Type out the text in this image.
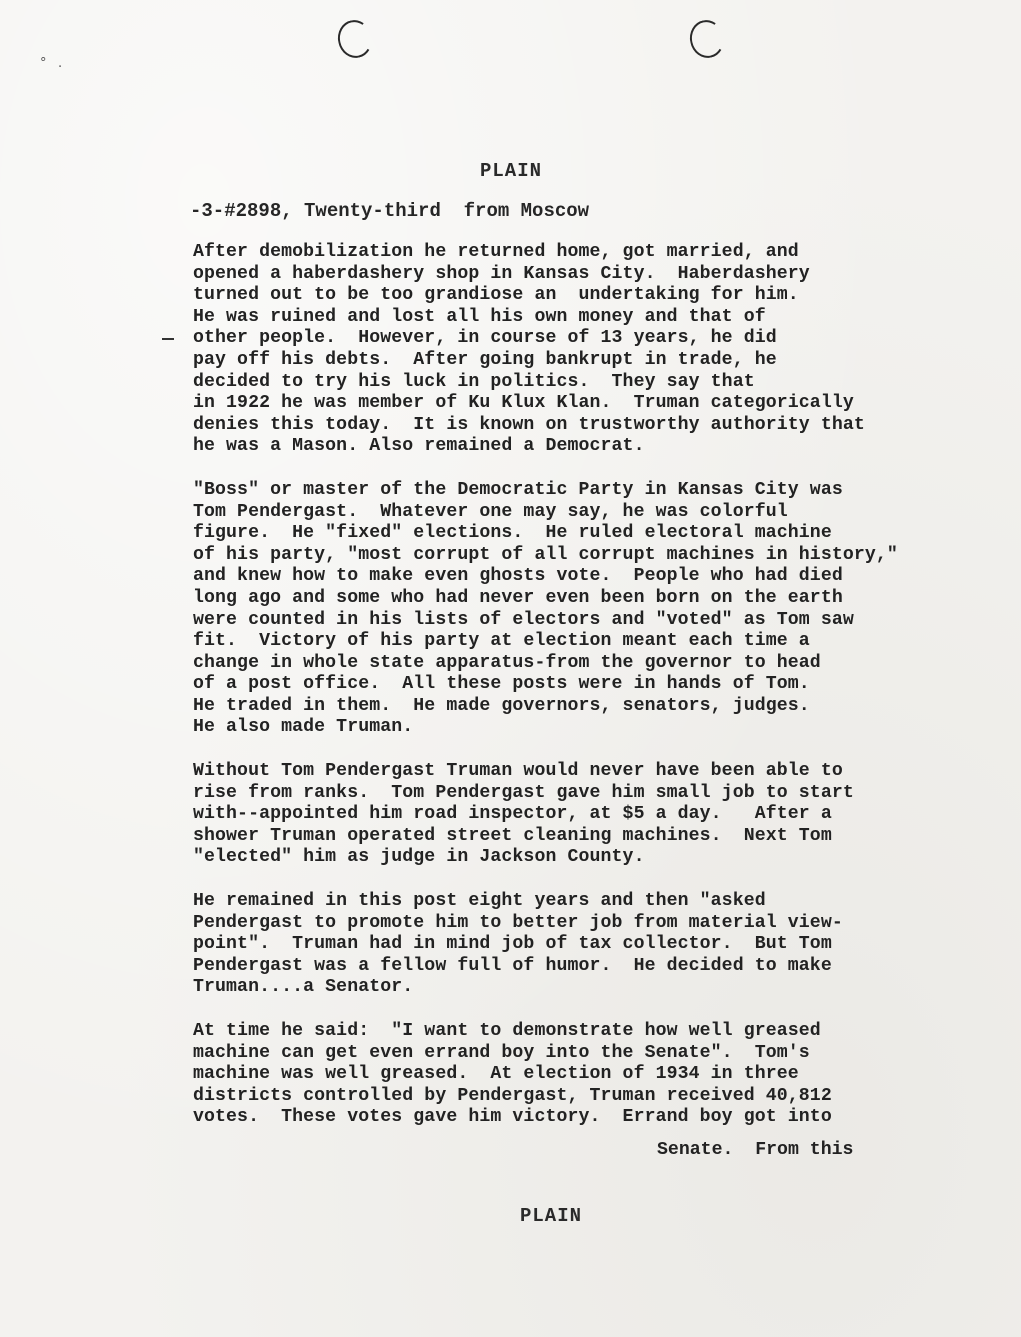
° ·
PLAIN
-3-#2898, Twenty-third  from Moscow
After demobilization he returned home, got married, and
opened a haberdashery shop in Kansas City.  Haberdashery
turned out to be too grandiose an  undertaking for him.
He was ruined and lost all his own money and that of
other people.  However, in course of 13 years, he did
pay off his debts.  After going bankrupt in trade, he
decided to try his luck in politics.  They say that
in 1922 he was member of Ku Klux Klan.  Truman categorically
denies this today.  It is known on trustworthy authority that
he was a Mason. Also remained a Democrat.
"Boss" or master of the Democratic Party in Kansas City was
Tom Pendergast.  Whatever one may say, he was colorful
figure.  He "fixed" elections.  He ruled electoral machine
of his party, "most corrupt of all corrupt machines in history,"
and knew how to make even ghosts vote.  People who had died
long ago and some who had never even been born on the earth
were counted in his lists of electors and "voted" as Tom saw
fit.  Victory of his party at election meant each time a
change in whole state apparatus-from the governor to head
of a post office.  All these posts were in hands of Tom.
He traded in them.  He made governors, senators, judges.
He also made Truman.
Without Tom Pendergast Truman would never have been able to
rise from ranks.  Tom Pendergast gave him small job to start
with--appointed him road inspector, at $5 a day.   After a
shower Truman operated street cleaning machines.  Next Tom
"elected" him as judge in Jackson County.
He remained in this post eight years and then "asked
Pendergast to promote him to better job from material view-
point".  Truman had in mind job of tax collector.  But Tom
Pendergast was a fellow full of humor.  He decided to make
Truman....a Senator.
At time he said:  "I want to demonstrate how well greased
machine can get even errand boy into the Senate".  Tom's
machine was well greased.  At election of 1934 in three
districts controlled by Pendergast, Truman received 40,812
votes.  These votes gave him victory.  Errand boy got into
Senate.  From this
PLAIN
